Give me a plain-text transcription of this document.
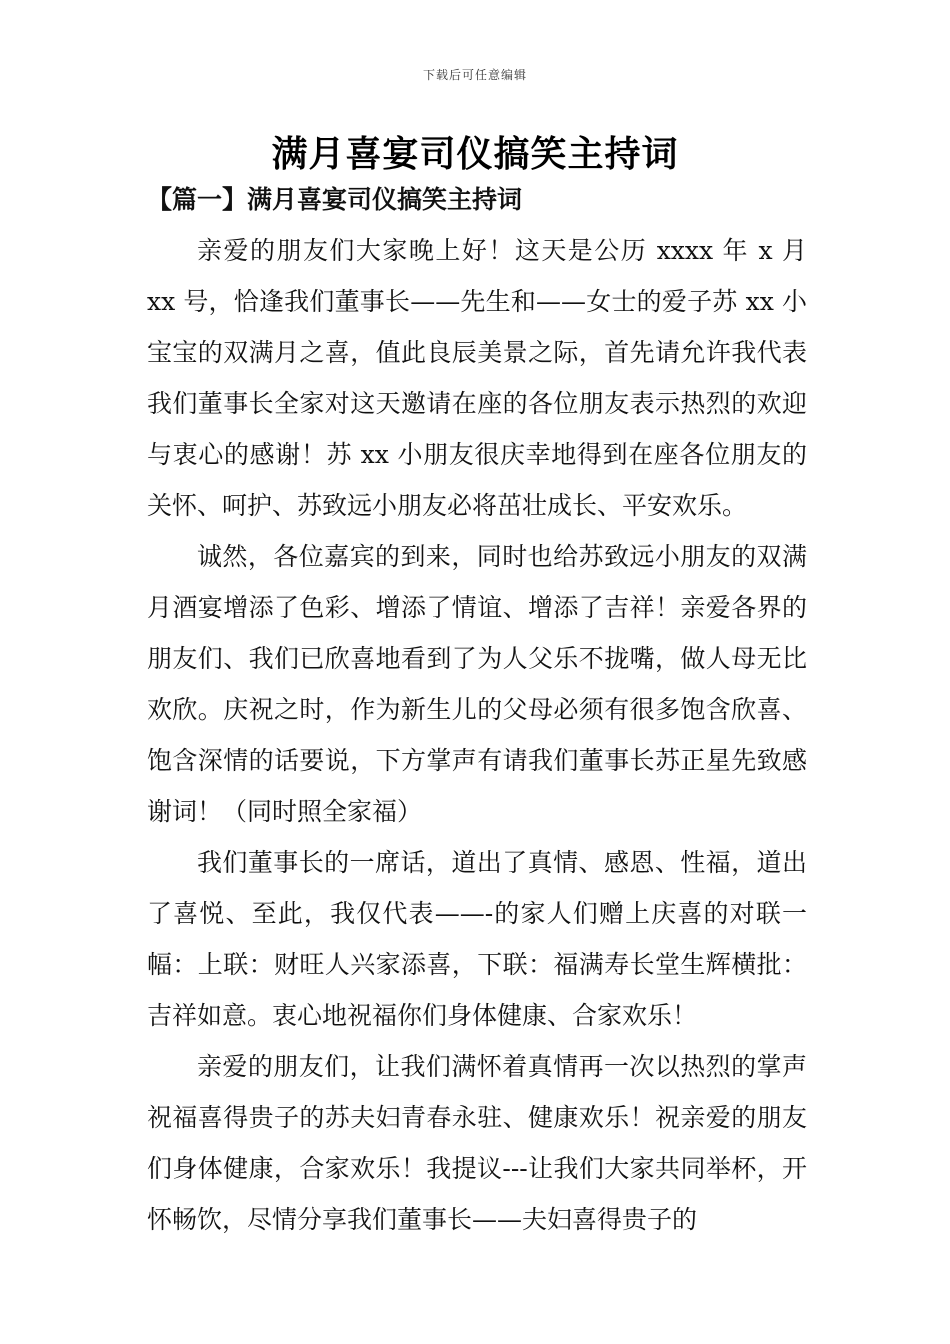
下载后可任意编辑
满月喜宴司仪搞笑主持词
【篇一】满月喜宴司仪搞笑主持词

亲爱的朋友们大家晚上好！这天是公历 xxxx 年 x 月 xx 号，恰逢我们董事长——先生和——女士的爱子苏 xx 小宝宝的双满月之喜，值此良辰美景之际，首先请允许我代表我们董事长全家对这天邀请在座的各位朋友表示热烈的欢迎与衷心的感谢！苏 xx 小朋友很庆幸地得到在座各位朋友的关怀、呵护、苏致远小朋友必将茁壮成长、平安欢乐。

诚然，各位嘉宾的到来，同时也给苏致远小朋友的双满月酒宴增添了色彩、增添了情谊、增添了吉祥！亲爱各界的朋友们、我们已欣喜地看到了为人父乐不拢嘴，做人母无比欢欣。庆祝之时，作为新生儿的父母必须有很多饱含欣喜、饱含深情的话要说，下方掌声有请我们董事长苏正星先致感谢词！（同时照全家福）

我们董事长的一席话，道出了真情、感恩、性福，道出了喜悦、至此，我仅代表——-的家人们赠上庆喜的对联一幅：上联：财旺人兴家添喜，下联：福满寿长堂生辉横批：吉祥如意。衷心地祝福你们身体健康、合家欢乐！

亲爱的朋友们，让我们满怀着真情再一次以热烈的掌声祝福喜得贵子的苏夫妇青春永驻、健康欢乐！祝亲爱的朋友们身体健康，合家欢乐！我提议---让我们大家共同举杯，开怀畅饮，尽情分享我们董事长——夫妇喜得贵子的
